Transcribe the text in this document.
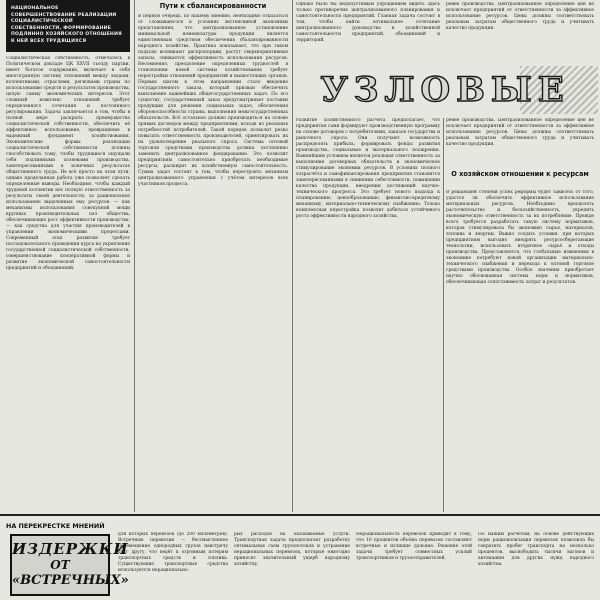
НАЦИОНАЛЬНОЕ СОВЕРШЕНСТВОВАНИЕ РЕАЛИЗАЦИИ СОЦИАЛИСТИЧЕСКОЙ СОБСТВЕННОСТИ, ФОРМИРОВАНИЕ ПОДЛИННО ХОЗЯЙСКОГО ОТНОШЕНИЯ К НЕЙ ВСЕХ ТРУДЯЩИХСЯ
Социалистическая собственность, отмечалось в Политическом докладе ЦК XXVII съезду партии, имеет богатое содержание, включает в себя многогранную систему отношений между людьми, коллективами, отраслями, регионами страны по использованию средств и результатов производства, целую гамму экономических интересов. Этот сложный комплекс отношений требует определенного сочетания и постоянного регулирования. Задача заключается в том, чтобы в полной мере раскрыть преимущества социалистической собственности, обеспечить её эффективное использование, превращение в надежный фундамент хозяйствования. Экономические формы реализации социалистической собственности должны способствовать тому, чтобы трудящиеся ощущали себя подлинными хозяевами производства, заинтересованными в конечных результатах общественного труда. Не всё просто на этом пути, однако проделанная работа уже позволяет сделать определенные выводы. Необходимо, чтобы каждый трудовой коллектив нес полную ответственность за результаты своей деятельности, за рациональное использование выделенных ему ресурсов. — как механизмы использования совокупной мощи крупных производительных сил общества, обеспечивающих рост эффективности производства; — как средства для участия производителей в управлении экономическими процессами. Современный этап развития требует последовательного проведения курса на укрепление государственной социалистической собственности, совершенствование кооперативной формы и развитие экономической самостоятельности предприятий и объединений.
Пути к сбалансированности
В первую очередь, по нашему мнению, необходимо отказаться от сложившегося в условиях экстенсивной экономики представления, что централизованное установление минимальной номенклатуры продукции является единственным средством обеспечения сбалансированности народного хозяйства. Практика показывает, что при таком подходе возникают диспропорции, растут сверхнормативные запасы, снижается эффективность использования ресурсов. Несомненно, преодоление определенных трудностей в становлении новой системы хозяйствования требует перестройки отношений предприятий и вышестоящих органов. Первым шагом в этом направлении стало введение государственного заказа, который призван обеспечить выполнение важнейших общегосударственных задач. По его существу, государственный заказ предусматривает поставки продукции для решения социальных задач, обеспечения обороноспособности страны, выполнения межгосударственных обязательств. Всё остальное должно производиться на основе прямых договоров между предприятиями, исходя из реальных потребностей потребителей. Такой порядок позволит резко повысить ответственность производителей, ориентировать их на удовлетворение реального спроса. Система оптовой торговли средствами производства должна постепенно заменить централизованное фондирование. Это позволит предприятиям самостоятельно приобретать необходимые ресурсы, расширит их хозяйственную самостоятельность. Сумма задач состоит в том, чтобы перестроить механизм централизованного управления с учётом интересов всех участников процесса.
Однако было бы недопустимым упрощением видеть здесь только противоречия централизованного планирования и самостоятельности предприятий. Главная задача состоит в том, чтобы найти оптимальное сочетание централизованного руководства и хозяйственной самостоятельности предприятий, объединений и территорий.
ревне производства. Централизованное определение цен не исключает предприятий от ответственности за эффективное использование ресурсов. Цены должны соответствовать реальным затратам общественного труда и учитывать качество продукции.
УЗЛОВЫЕ
Развитие хозяйственного расчёта предполагает, что предприятия сами формируют производственную программу на основе договоров с потребителями, заказов государства и рыночного спроса. Они получают возможность распределять прибыль, формировать фонды развития производства, социальные и материального поощрения. Важнейшим условием является реальная ответственность за выполнение договорных обязательств и экономическое стимулирование экономии ресурсов. В условиях полного хозрасчёта и самофинансирования предприятия становятся заинтересованными в снижении себестоимости, повышении качества продукции, внедрении достижений научно-технического прогресса. Это требует нового подхода к планированию, ценообразованию, финансово-кредитному механизму, материально-техническому снабжению. Только комплексная перестройка позволит добиться устойчивого роста эффективности народного хозяйства.
ревне производства. Централизованное определение цен не исключает предприятий от ответственности за эффективное использование ресурсов. Цены должны соответствовать реальным затратам общественного труда и учитывать качество продукции.
О хозяйском отношении к ресурсам
В решающей степени успех реформы будет зависеть от того, удастся ли обеспечить эффективное использование материальных ресурсов. Необходимо преодолеть расточительство и бесхозяйственность, укрепить экономическую ответственность за их потребление. Прежде всего требуется разработать такую систему нормативов, которая стимулировала бы экономию сырья, материалов, топлива и энергии. Важно создать условия, при которых предприятиям выгодно внедрять ресурсосберегающие технологии, использовать вторичное сырьё и отходы производства. Представляется, что глобальные изменения в экономике потребуют новой организации материально-технического снабжения и перехода к оптовой торговле средствами производства. Особое значение приобретает научно обоснованная система норм и нормативов, обеспечивающая сопоставимость затрат и результатов.
НА ПЕРЕКРЕСТКЕ МНЕНИЙ
ИЗДЕРЖКИ
ОТ
«ВСТРЕЧНЫХ»
для которых перевозок (до 200 километров). Встречные перевозки — бессмысленное перемещение однородных грузов навстречу друг другу, что ведёт к огромным потерям транспортных средств и топлива. Существующие транспортные средства используются нерационально.
рых расходов на оказываемые услуги. Транспортная задача предполагает разработку оптимальных схем грузопотоков и устранение нерациональных перевозок, которые ежегодно приносят значительный ущерб народному хозяйству.
Нерациональность перевозок приводит к тому, что 10 процентов объёма перевозок составляют встречные и излишне дальние. Решение этой задачи требует совместных усилий транспортников и грузоотправителей.
По нашим расчётам, на основе действующих норм рационализация перевозок позволила бы сократить пробег транспорта на несколько процентов, высвободить тысячи вагонов и автомашин для других нужд народного хозяйства.
